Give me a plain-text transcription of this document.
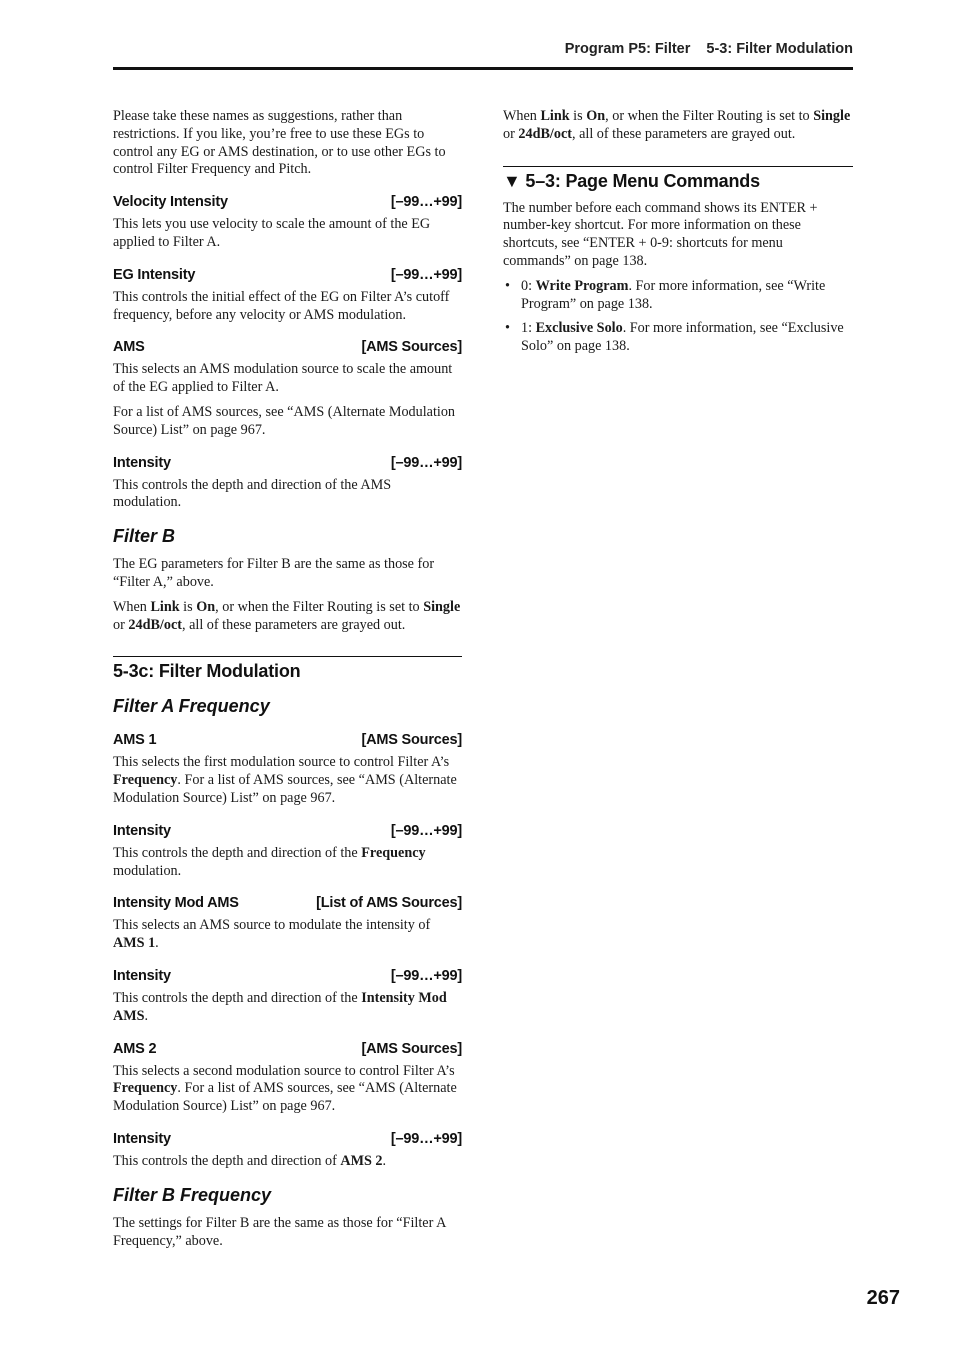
Program P5: Filter 5-3: Filter Modulation

Please take these names as suggestions, rather than restrictions. If you like, you’re free to use these EGs to control any EG or AMS destination, or to use other EGs to control Filter Frequency and Pitch.

Velocity Intensity	[–99…+99]

This lets you use velocity to scale the amount of the EG applied to Filter A.

EG Intensity	[–99…+99]

This controls the initial effect of the EG on Filter A’s cutoff frequency, before any velocity or AMS modulation.

AMS	[AMS Sources]

This selects an AMS modulation source to scale the amount of the EG applied to Filter A.

For a list of AMS sources, see “AMS (Alternate Modulation Source) List” on page 967.

Intensity	[–99…+99]

This controls the depth and direction of the AMS modulation.

Filter B

The EG parameters for Filter B are the same as those for “Filter A,” above.

When Link is On, or when the Filter Routing is set to Single or 24dB/oct, all of these parameters are grayed out.

5-3c: Filter Modulation
Filter A Frequency
AMS 1	[AMS Sources]

This selects the first modulation source to control Filter A’s Frequency. For a list of AMS sources, see “AMS (Alternate Modulation Source) List” on page 967.

Intensity	[–99…+99]

This controls the depth and direction of the Frequency modulation.

Intensity Mod AMS	[List of AMS Sources]

This selects an AMS source to modulate the intensity of AMS 1.

Intensity	[–99…+99]

This controls the depth and direction of the Intensity Mod AMS.

AMS 2	[AMS Sources]

This selects a second modulation source to control Filter A’s Frequency. For a list of AMS sources, see “AMS (Alternate Modulation Source) List” on page 967.

Intensity	[–99…+99]

This controls the depth and direction of AMS 2.

Filter B Frequency

The settings for Filter B are the same as those for “Filter A Frequency,” above.

When Link is On, or when the Filter Routing is set to Single or 24dB/oct, all of these parameters are grayed out.

▼ 5–3: Page Menu Commands

The number before each command shows its ENTER + number-key shortcut. For more information on these shortcuts, see “ENTER + 0-9: shortcuts for menu commands” on page 138.

• 0: Write Program. For more information, see “Write Program” on page 138.
• 1: Exclusive Solo. For more information, see “Exclusive Solo” on page 138.
267
